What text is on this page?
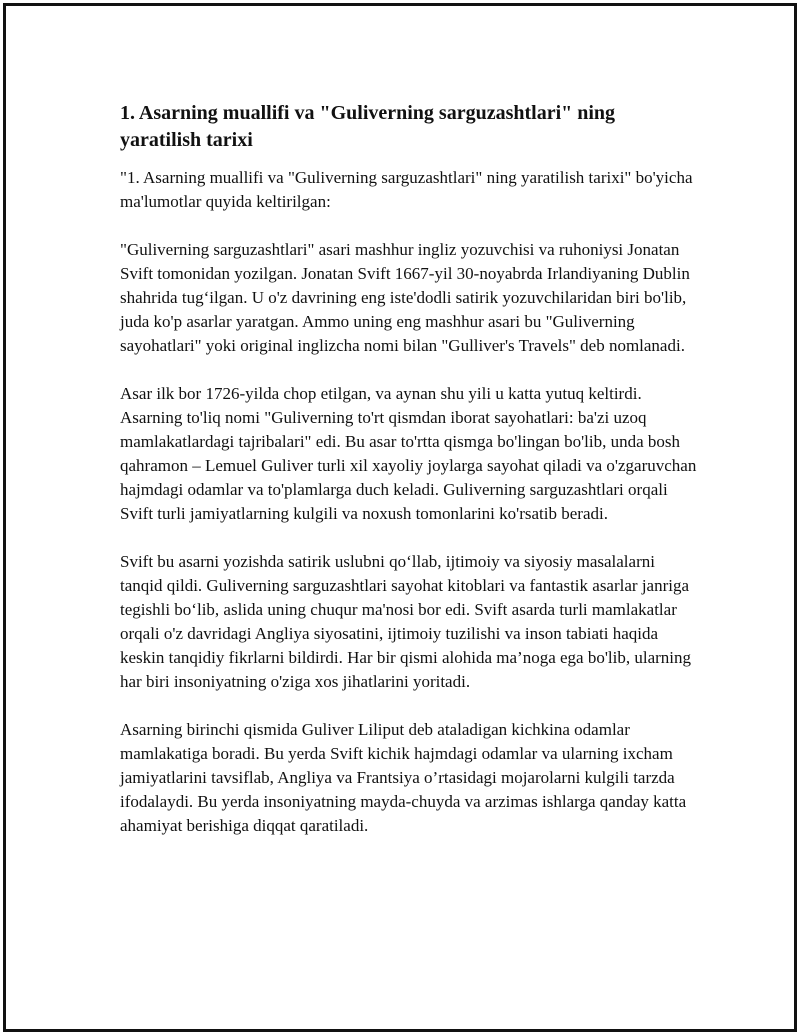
1. Asarning muallifi va "Guliverning sarguzashtlari" ning yaratilish tarixi

"1. Asarning muallifi va "Guliverning sarguzashtlari" ning yaratilish tarixi" bo'yicha ma'lumotlar quyida keltirilgan:

"Guliverning sarguzashtlari" asari mashhur ingliz yozuvchisi va ruhoniysi Jonatan Svift tomonidan yozilgan. Jonatan Svift 1667-yil 30-noyabrda Irlandiyaning Dublin shahrida tug‘ilgan. U o'z davrining eng iste'dodli satirik yozuvchilaridan biri bo'lib, juda ko'p asarlar yaratgan. Ammo uning eng mashhur asari bu "Guliverning sayohatlari" yoki original inglizcha nomi bilan "Gulliver's Travels" deb nomlanadi.

Asar ilk bor 1726-yilda chop etilgan, va aynan shu yili u katta yutuq keltirdi. Asarning to'liq nomi "Guliverning to'rt qismdan iborat sayohatlari: ba'zi uzoq mamlakatlardagi tajribalari" edi. Bu asar to'rtta qismga bo'lingan bo'lib, unda bosh qahramon – Lemuel Guliver turli xil xayoliy joylarga sayohat qiladi va o'zgaruvchan hajmdagi odamlar va to'plamlarga duch keladi. Guliverning sarguzashtlari orqali Svift turli jamiyatlarning kulgili va noxush tomonlarini ko'rsatib beradi.

Svift bu asarni yozishda satirik uslubni qo‘llab, ijtimoiy va siyosiy masalalarni tanqid qildi. Guliverning sarguzashtlari sayohat kitoblari va fantastik asarlar janriga tegishli bo‘lib, aslida uning chuqur ma'nosi bor edi. Svift asarda turli mamlakatlar orqali o'z davridagi Angliya siyosatini, ijtimoiy tuzilishi va inson tabiati haqida keskin tanqidiy fikrlarni bildirdi. Har bir qismi alohida ma’noga ega bo'lib, ularning har biri insoniyatning o'ziga xos jihatlarini yoritadi.

Asarning birinchi qismida Guliver Liliput deb ataladigan kichkina odamlar mamlakatiga boradi. Bu yerda Svift kichik hajmdagi odamlar va ularning ixcham jamiyatlarini tavsiflab, Angliya va Frantsiya o’rtasidagi mojarolarni kulgili tarzda ifodalaydi. Bu yerda insoniyatning mayda-chuyda va arzimas ishlarga qanday katta ahamiyat berishiga diqqat qaratiladi.
